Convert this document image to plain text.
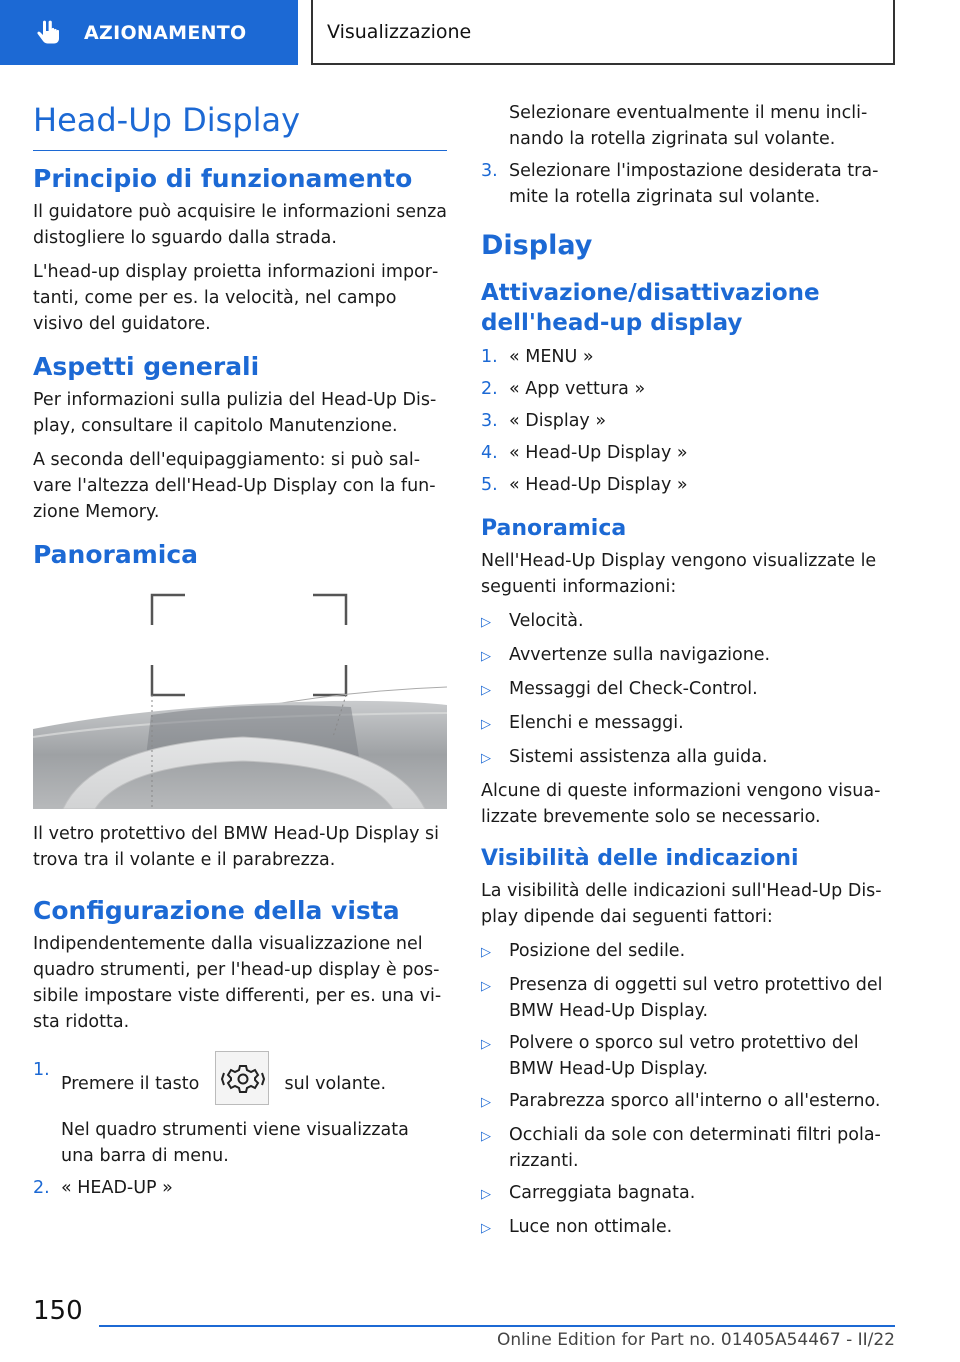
AZIONAMENTO	Visualizzazione
Head-Up Display
Principio di funzionamento

Il guidatore può acquisire le informazioni senza distogliere lo sguardo dalla strada.

L'head-up display proietta informazioni importanti, come per es. la velocità, nel campo visivo del guidatore.

Aspetti generali

Per informazioni sulla pulizia del Head-Up Display, consultare il capitolo Manutenzione.

A seconda dell'equipaggiamento: si può salvare l'altezza dell'Head-Up Display con la funzione Memory.

Panoramica

Il vetro protettivo del BMW Head-Up Display si trova tra il volante e il parabrezza.

Configurazione della vista

Indipendentemente dalla visualizzazione nel quadro strumenti, per l'head-up display è possibile impostare viste differenti, per es. una vista ridotta.

1.
Premere il tasto	sul volante.

Nel quadro strumenti viene visualizzata una barra di menu.

2. « HEAD-UP »

Selezionare eventualmente il menu inclinando la rotella zigrinata sul volante.

3. Selezionare l'impostazione desiderata tramite la rotella zigrinata sul volante.
Display
Attivazione/disattivazione dell'head-up display
1. « MENU »
2. « App vettura »
3. « Display »
4. « Head-Up Display »
5. « Head-Up Display »
Panoramica

Nell'Head-Up Display vengono visualizzate le seguenti informazioni:

▷	Velocità.
▷	Avvertenze sulla navigazione.
▷	Messaggi del Check-Control.
▷	Elenchi e messaggi.
▷	Sistemi assistenza alla guida.

Alcune di queste informazioni vengono visualizzate brevemente solo se necessario.

Visibilità delle indicazioni

La visibilità delle indicazioni sull'Head-Up Display dipende dai seguenti fattori:

▷	Posizione del sedile.
▷	Presenza di oggetti sul vetro protettivo del BMW Head-Up Display.
▷	Polvere o sporco sul vetro protettivo del BMW Head-Up Display.
▷	Parabrezza sporco all'interno o all'esterno.
▷	Occhiali da sole con determinati filtri polarizzanti.
▷	Carreggiata bagnata.
▷	Luce non ottimale.
150
Online Edition for Part no. 01405A54467 - II/22
